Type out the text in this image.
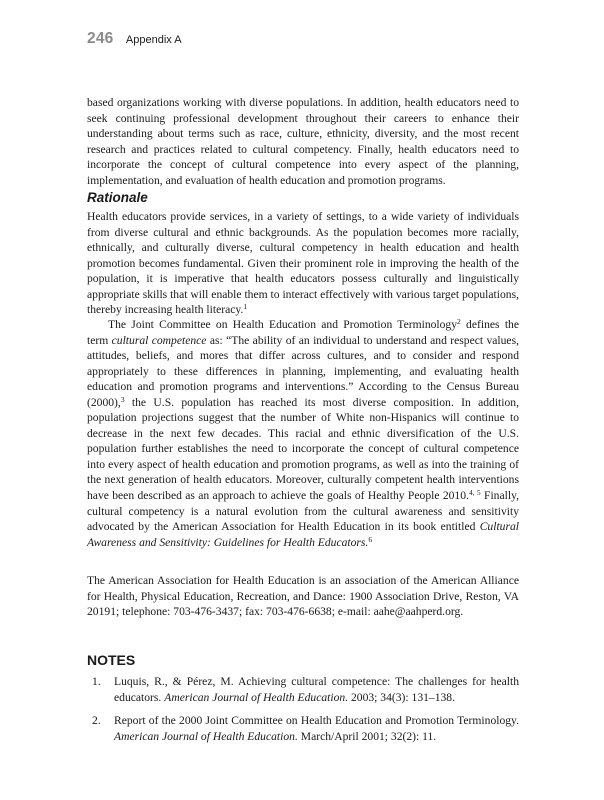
246 Appendix A

based organizations working with diverse populations. In addition, health educators need to seek continuing professional development throughout their careers to enhance their understanding about terms such as race, culture, ethnicity, diversity, and the most recent research and practices related to cultural competency. Finally, health educators need to incorporate the concept of cultural competence into every aspect of the planning, implementation, and evaluation of health education and promotion programs.

Rationale

Health educators provide services, in a variety of settings, to a wide variety of individuals from diverse cultural and ethnic backgrounds. As the population becomes more racially, ethnically, and culturally diverse, cultural competency in health education and health promotion becomes fundamental. Given their prominent role in improving the health of the population, it is imperative that health educators possess culturally and linguistically appropriate skills that will enable them to interact effectively with various target populations, thereby increasing health literacy.$^1$

The Joint Committee on Health Education and Promotion Terminology$^2$ defines the term cultural competence as: “The ability of an individual to understand and respect values, attitudes, beliefs, and mores that differ across cultures, and to consider and respond appropriately to these differences in planning, implementing, and evaluating health education and promotion programs and interventions.” According to the Census Bureau (2000),$^3$ the U.S. population has reached its most diverse composition. In addition, population projections suggest that the number of White non-Hispanics will continue to decrease in the next few decades. This racial and ethnic diversification of the U.S. population further establishes the need to incorporate the concept of cultural competence into every aspect of health education and promotion programs, as well as into the training of the next generation of health educators. Moreover, culturally competent health interventions have been described as an approach to achieve the goals of Healthy People 2010.$^{4, 5}$ Finally, cultural competency is a natural evolution from the cultural awareness and sensitivity advocated by the American Association for Health Education in its book entitled Cultural Awareness and Sensitivity: Guidelines for Health Educators.$^6$

The American Association for Health Education is an association of the American Alliance for Health, Physical Education, Recreation, and Dance: 1900 Association Drive, Reston, VA 20191; telephone: 703-476-3437; fax: 703-476-6638; e-mail: aahe@aahperd.org.

NOTES
1. Luquis, R., & Pérez, M. Achieving cultural competence: The challenges for health educators. American Journal of Health Education. 2003; 34(3): 131–138.
2. Report of the 2000 Joint Committee on Health Education and Promotion Terminology. American Journal of Health Education. March/April 2001; 32(2): 11.
